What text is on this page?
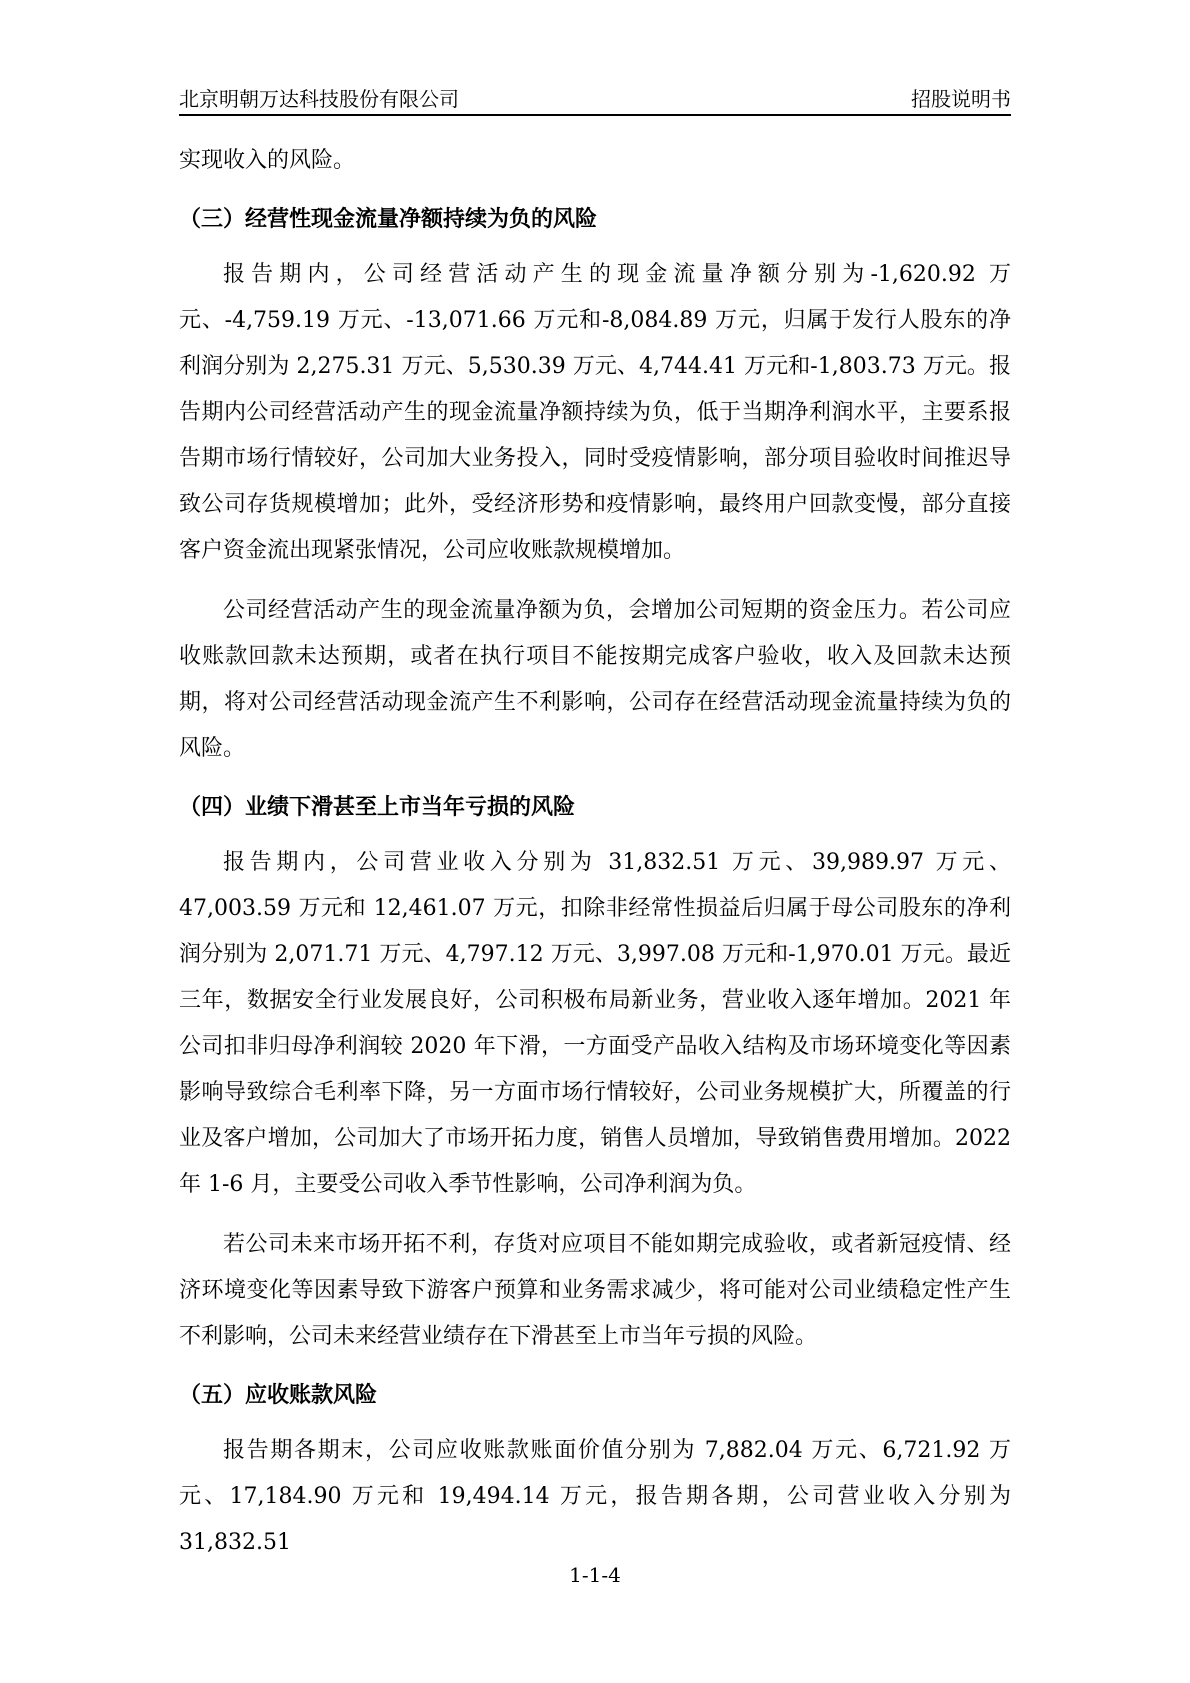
北京明朝万达科技股份有限公司	招股说明书

实现收入的风险。

（三）经营性现金流量净额持续为负的风险

报告期内，公司经营活动产生的现金流量净额分别为-1,620.92 万元、-4,759.19 万元、-13,071.66 万元和-8,084.89 万元，归属于发行人股东的净利润分别为 2,275.31 万元、5,530.39 万元、4,744.41 万元和-1,803.73 万元。报告期内公司经营活动产生的现金流量净额持续为负，低于当期净利润水平，主要系报告期市场行情较好，公司加大业务投入，同时受疫情影响，部分项目验收时间推迟导致公司存货规模增加；此外，受经济形势和疫情影响，最终用户回款变慢，部分直接客户资金流出现紧张情况，公司应收账款规模增加。

公司经营活动产生的现金流量净额为负，会增加公司短期的资金压力。若公司应收账款回款未达预期，或者在执行项目不能按期完成客户验收，收入及回款未达预期，将对公司经营活动现金流产生不利影响，公司存在经营活动现金流量持续为负的风险。

（四）业绩下滑甚至上市当年亏损的风险

报告期内，公司营业收入分别为 31,832.51 万元、39,989.97 万元、47,003.59 万元和 12,461.07 万元，扣除非经常性损益后归属于母公司股东的净利润分别为 2,071.71 万元、4,797.12 万元、3,997.08 万元和-1,970.01 万元。最近三年，数据安全行业发展良好，公司积极布局新业务，营业收入逐年增加。2021 年公司扣非归母净利润较 2020 年下滑，一方面受产品收入结构及市场环境变化等因素影响导致综合毛利率下降，另一方面市场行情较好，公司业务规模扩大，所覆盖的行业及客户增加，公司加大了市场开拓力度，销售人员增加，导致销售费用增加。2022 年 1-6 月，主要受公司收入季节性影响，公司净利润为负。

若公司未来市场开拓不利，存货对应项目不能如期完成验收，或者新冠疫情、经济环境变化等因素导致下游客户预算和业务需求减少，将可能对公司业绩稳定性产生不利影响，公司未来经营业绩存在下滑甚至上市当年亏损的风险。

（五）应收账款风险

报告期各期末，公司应收账款账面价值分别为 7,882.04 万元、6,721.92 万元、17,184.90 万元和 19,494.14 万元，报告期各期，公司营业收入分别为 31,832.51

1-1-4
